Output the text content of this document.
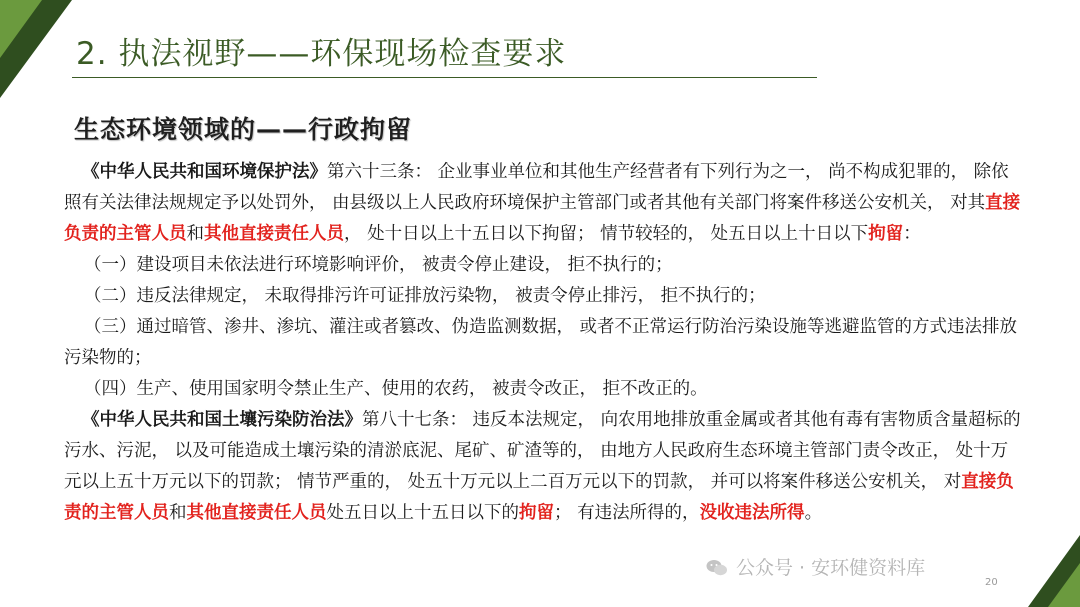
2. 执法视野——环保现场检查要求
生态环境领域的——行政拘留

《中华人民共和国环境保护法》第六十三条： 企业事业单位和其他生产经营者有下列行为之一， 尚不构成犯罪的， 除依照有关法律法规规定予以处罚外， 由县级以上人民政府环境保护主管部门或者其他有关部门将案件移送公安机关， 对其直接负责的主管人员和其他直接责任人员， 处十日以上十五日以下拘留； 情节较轻的， 处五日以上十日以下拘留：

（一）建设项目未依法进行环境影响评价， 被责令停止建设， 拒不执行的；

（二）违反法律规定， 未取得排污许可证排放污染物， 被责令停止排污， 拒不执行的；

（三）通过暗管、渗井、渗坑、灌注或者篡改、伪造监测数据， 或者不正常运行防治污染设施等逃避监管的方式违法排放污染物的；

（四）生产、使用国家明令禁止生产、使用的农药， 被责令改正， 拒不改正的。

《中华人民共和国土壤污染防治法》第八十七条： 违反本法规定， 向农用地排放重金属或者其他有毒有害物质含量超标的污水、污泥， 以及可能造成土壤污染的清淤底泥、尾矿、矿渣等的， 由地方人民政府生态环境主管部门责令改正， 处十万元以上五十万元以下的罚款； 情节严重的， 处五十万元以上二百万元以下的罚款， 并可以将案件移送公安机关， 对直接负责的主管人员和其他直接责任人员处五日以上十五日以下的拘留； 有违法所得的，没收违法所得。

公众号 · 安环健资料库
20
